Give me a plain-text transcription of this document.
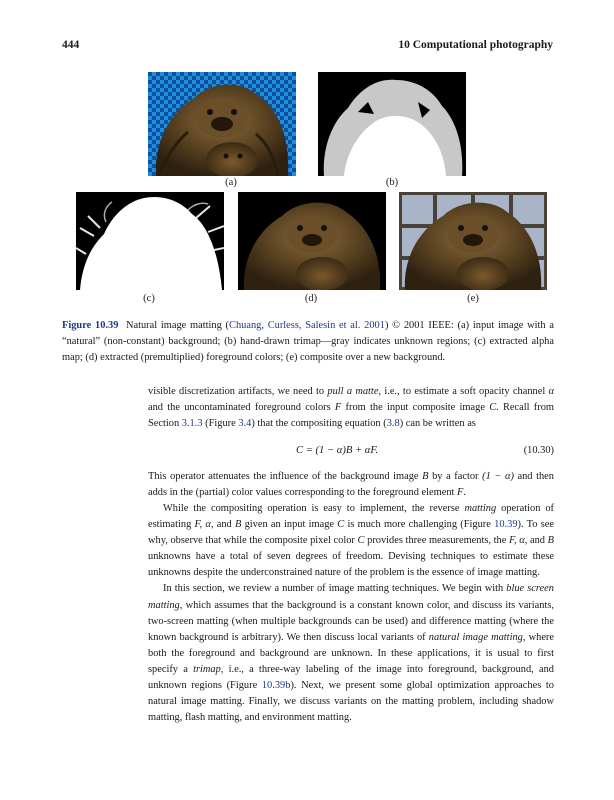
444	10 Computational photography
(a)	(b)
(c)	(d)	(e)
Figure 10.39 Natural image matting (Chuang, Curless, Salesin et al. 2001) © 2001 IEEE: (a) input image with a “natural” (non-constant) background; (b) hand-drawn trimap—gray indicates unknown regions; (c) extracted alpha map; (d) extracted (premultiplied) foreground colors; (e) composite over a new background.

visible discretization artifacts, we need to pull a matte, i.e., to estimate a soft opacity channel α and the uncontaminated foreground colors F from the input composite image C. Recall from Section 3.1.3 (Figure 3.4) that the compositing equation (3.8) can be written as

C = (1 − α)B + αF.	(10.30)

This operator attenuates the influence of the background image B by a factor (1 − α) and then adds in the (partial) color values corresponding to the foreground element F.

While the compositing operation is easy to implement, the reverse matting operation of estimating F, α, and B given an input image C is much more challenging (Figure 10.39). To see why, observe that while the composite pixel color C provides three measurements, the F, α, and B unknowns have a total of seven degrees of freedom. Devising techniques to estimate these unknowns despite the underconstrained nature of the problem is the essence of image matting.

In this section, we review a number of image matting techniques. We begin with blue screen matting, which assumes that the background is a constant known color, and discuss its variants, two-screen matting (when multiple backgrounds can be used) and difference matting (where the known background is arbitrary). We then discuss local variants of natural image matting, where both the foreground and background are unknown. In these applications, it is usual to first specify a trimap, i.e., a three-way labeling of the image into foreground, background, and unknown regions (Figure 10.39b). Next, we present some global optimization approaches to natural image matting. Finally, we discuss variants on the matting problem, including shadow matting, flash matting, and environment matting.
